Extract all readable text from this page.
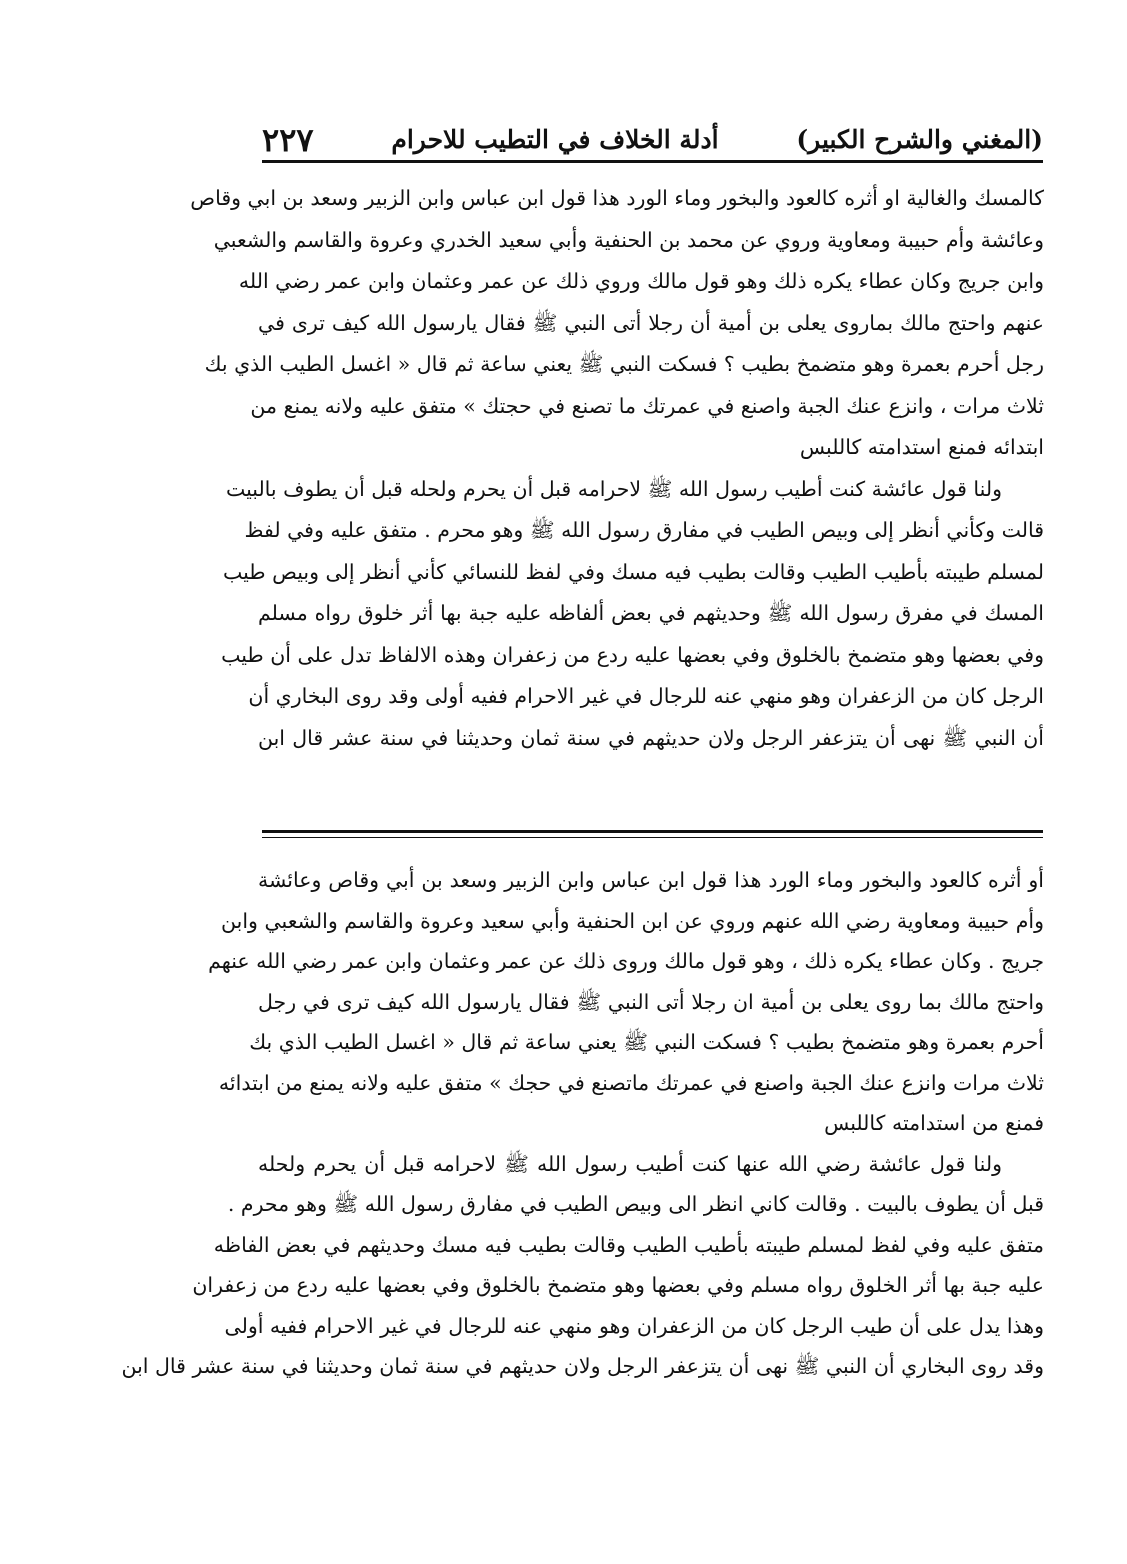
(المغني والشرح الكبير)
أدلة الخلاف في التطيب للاحرام
٢٢٧
كالمسك والغالية او أثره كالعود والبخور وماء الورد هذا قول ابن عباس وابن الزبير وسعد بن ابي وقاص
وعائشة وأم حبيبة ومعاوية وروي عن محمد بن الحنفية وأبي سعيد الخدري وعروة والقاسم والشعبي
وابن جريج وكان عطاء يكره ذلك وهو قول مالك وروي ذلك عن عمر وعثمان وابن عمر رضي الله
عنهم واحتج مالك بماروى يعلى بن أمية أن رجلا أتى النبي ﷺ فقال يارسول الله كيف ترى في
رجل أحرم بعمرة وهو متضمخ بطيب ؟ فسكت النبي ﷺ يعني ساعة ثم قال « اغسل الطيب الذي بك
ثلاث مرات ، وانزع عنك الجبة واصنع في عمرتك ما تصنع في حجتك » متفق عليه ولانه يمنع من
ابتدائه فمنع استدامته كاللبس
ولنا قول عائشة كنت أطيب رسول الله ﷺ لاحرامه قبل أن يحرم ولحله قبل أن يطوف بالبيت
قالت وكأني أنظر إلى وبيص الطيب في مفارق رسول الله ﷺ وهو محرم . متفق عليه وفي لفظ
لمسلم طيبته بأطيب الطيب وقالت بطيب فيه مسك وفي لفظ للنسائي كأني أنظر إلى وبيص طيب
المسك في مفرق رسول الله ﷺ وحديثهم في بعض ألفاظه عليه جبة بها أثر خلوق رواه مسلم
وفي بعضها وهو متضمخ بالخلوق وفي بعضها عليه ردع من زعفران وهذه الالفاظ تدل على أن طيب
الرجل كان من الزعفران وهو منهي عنه للرجال في غير الاحرام ففيه أولى وقد روى البخاري أن
أن النبي ﷺ نهى أن يتزعفر الرجل ولان حديثهم في سنة ثمان وحديثنا في سنة عشر قال ابن
أو أثره كالعود والبخور وماء الورد هذا قول ابن عباس وابن الزبير وسعد بن أبي وقاص وعائشة
وأم حبيبة ومعاوية رضي الله عنهم وروي عن ابن الحنفية وأبي سعيد وعروة والقاسم والشعبي وابن
جريج . وكان عطاء يكره ذلك ، وهو قول مالك وروى ذلك عن عمر وعثمان وابن عمر رضي الله عنهم
واحتج مالك بما روى يعلى بن أمية ان رجلا أتى النبي ﷺ فقال يارسول الله كيف ترى في رجل
أحرم بعمرة وهو متضمخ بطيب ؟ فسكت النبي ﷺ يعني ساعة ثم قال « اغسل الطيب الذي بك
ثلاث مرات وانزع عنك الجبة واصنع في عمرتك ماتصنع في حجك » متفق عليه ولانه يمنع من ابتدائه
فمنع من استدامته كاللبس
ولنا قول عائشة رضي الله عنها كنت أطيب رسول الله ﷺ لاحرامه قبل أن يحرم ولحله
قبل أن يطوف بالبيت . وقالت كاني انظر الى وبيص الطيب في مفارق رسول الله ﷺ وهو محرم .
متفق عليه وفي لفظ لمسلم طيبته بأطيب الطيب وقالت بطيب فيه مسك وحديثهم في بعض الفاظه
عليه جبة بها أثر الخلوق رواه مسلم وفي بعضها وهو متضمخ بالخلوق وفي بعضها عليه ردع من زعفران
وهذا يدل على أن طيب الرجل كان من الزعفران وهو منهي عنه للرجال في غير الاحرام ففيه أولى
وقد روى البخاري أن النبي ﷺ نهى أن يتزعفر الرجل ولان حديثهم في سنة ثمان وحديثنا في سنة عشر قال ابن
